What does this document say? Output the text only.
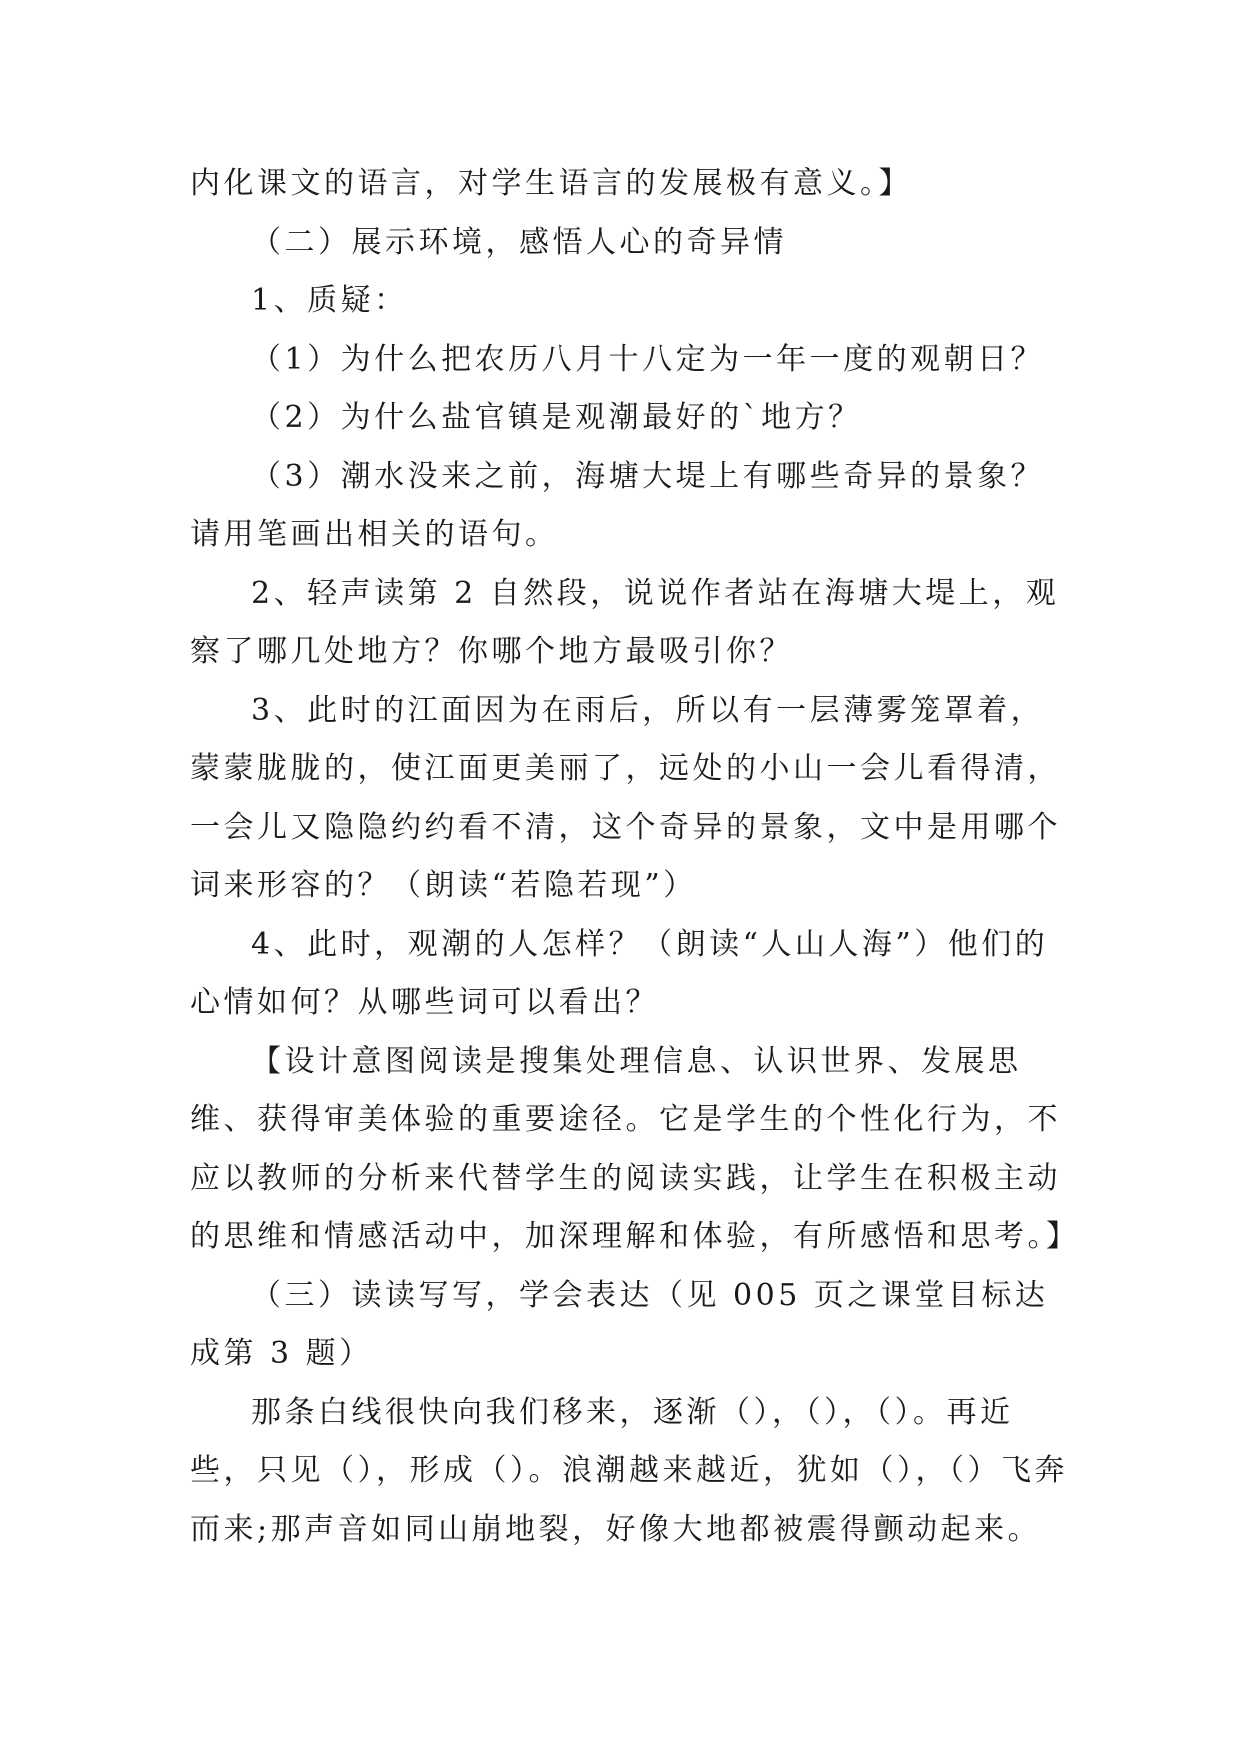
内化课文的语言，对学生语言的发展极有意义。】

（二）展示环境，感悟人心的奇异情

1、质疑：

（1）为什么把农历八月十八定为一年一度的观朝日？

（2）为什么盐官镇是观潮最好的`地方？

（3）潮水没来之前，海塘大堤上有哪些奇异的景象？请用笔画出相关的语句。

2、轻声读第 2 自然段，说说作者站在海塘大堤上，观察了哪几处地方？你哪个地方最吸引你？

3、此时的江面因为在雨后，所以有一层薄雾笼罩着，蒙蒙胧胧的，使江面更美丽了，远处的小山一会儿看得清，一会儿又隐隐约约看不清，这个奇异的景象，文中是用哪个词来形容的？（朗读“若隐若现”）

4、此时，观潮的人怎样？（朗读“人山人海”）他们的心情如何？从哪些词可以看出？

【设计意图阅读是搜集处理信息、认识世界、发展思维、获得审美体验的重要途径。它是学生的个性化行为，不应以教师的分析来代替学生的阅读实践，让学生在积极主动的思维和情感活动中，加深理解和体验，有所感悟和思考。】

（三）读读写写，学会表达（见 005 页之课堂目标达成第 3 题）

那条白线很快向我们移来，逐渐（），（），（）。再近些，只见（），形成（）。浪潮越来越近，犹如（），（）飞奔而来;那声音如同山崩地裂，好像大地都被震得颤动起来。
